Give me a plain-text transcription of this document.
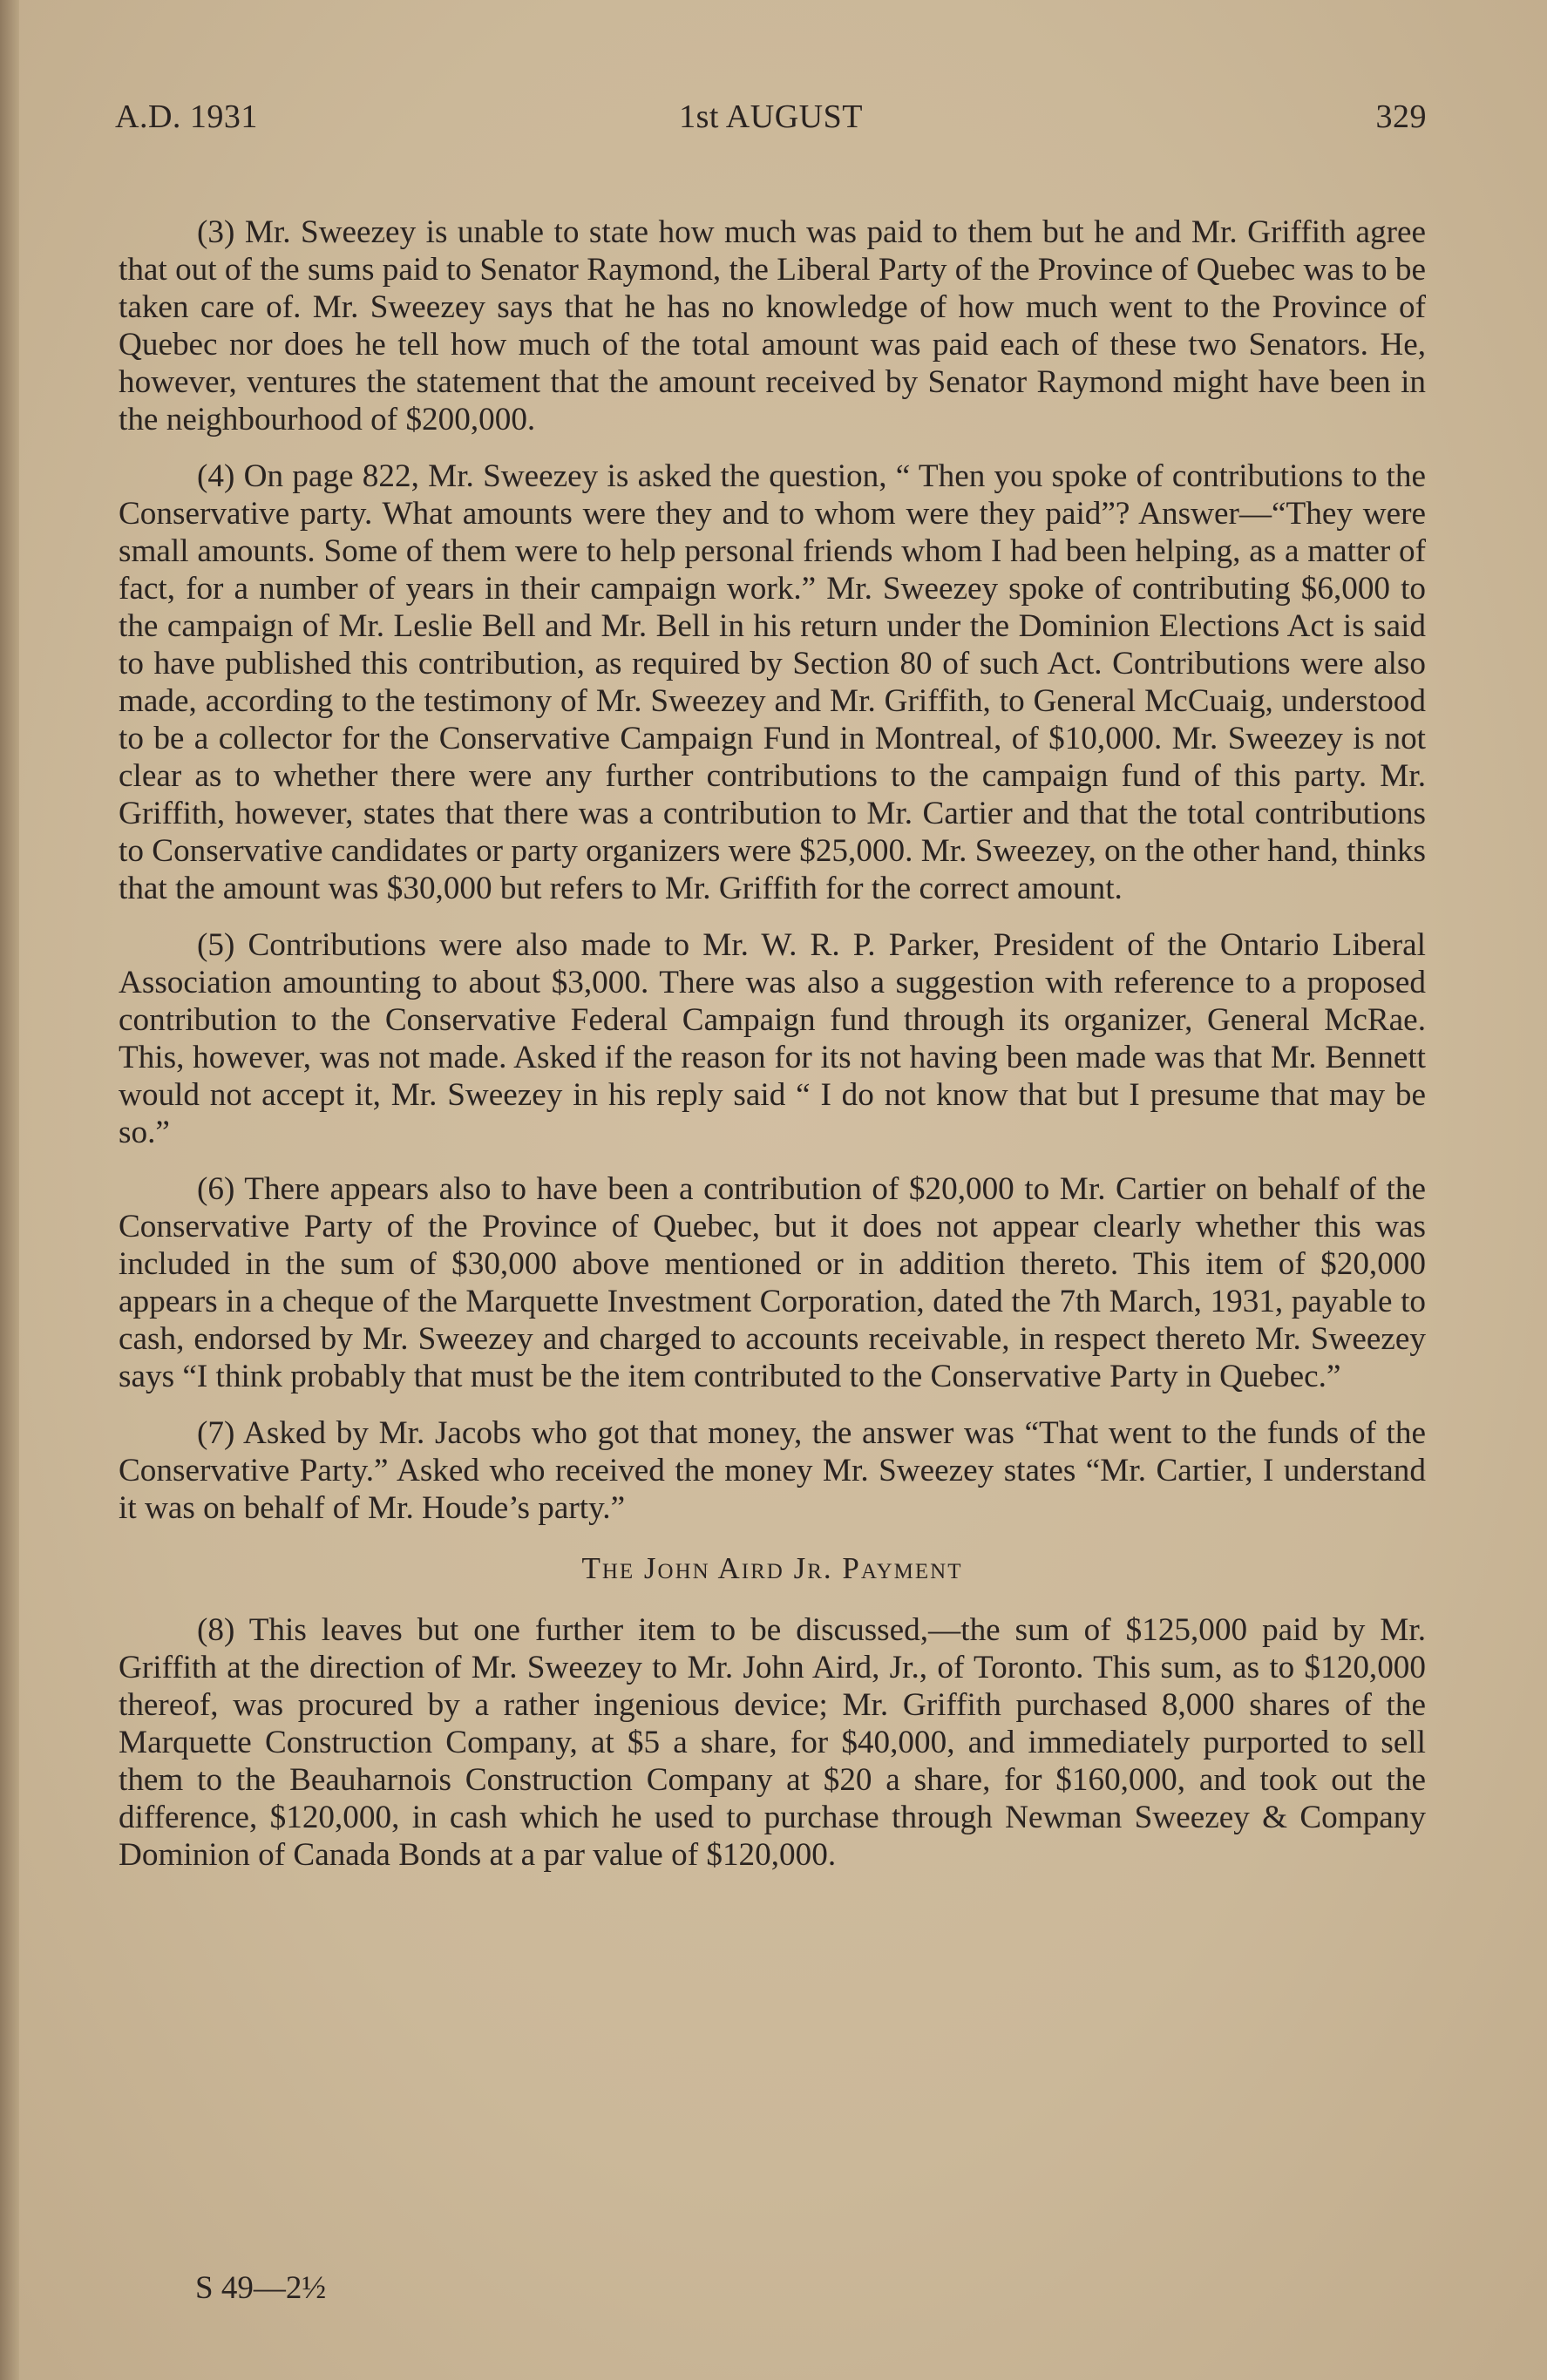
A.D. 1931	1st AUGUST	329

(3) Mr. Sweezey is unable to state how much was paid to them but he and Mr. Griffith agree that out of the sums paid to Senator Raymond, the Liberal Party of the Province of Quebec was to be taken care of. Mr. Sweezey says that he has no knowledge of how much went to the Province of Quebec nor does he tell how much of the total amount was paid each of these two Senators. He, however, ventures the statement that the amount received by Senator Raymond might have been in the neighbourhood of $200,000.

(4) On page 822, Mr. Sweezey is asked the question, “ Then you spoke of contributions to the Conservative party. What amounts were they and to whom were they paid”? Answer—“They were small amounts. Some of them were to help personal friends whom I had been helping, as a matter of fact, for a number of years in their campaign work.” Mr. Sweezey spoke of contributing $6,000 to the campaign of Mr. Leslie Bell and Mr. Bell in his return under the Dominion Elections Act is said to have published this contribution, as required by Section 80 of such Act. Contributions were also made, according to the testimony of Mr. Sweezey and Mr. Griffith, to General McCuaig, understood to be a collector for the Conservative Campaign Fund in Montreal, of $10,000. Mr. Sweezey is not clear as to whether there were any further contributions to the campaign fund of this party. Mr. Griffith, however, states that there was a contribution to Mr. Cartier and that the total contributions to Conservative candidates or party organizers were $25,000. Mr. Sweezey, on the other hand, thinks that the amount was $30,000 but refers to Mr. Griffith for the correct amount.

(5) Contributions were also made to Mr. W. R. P. Parker, President of the Ontario Liberal Association amounting to about $3,000. There was also a suggestion with reference to a proposed contribution to the Conservative Federal Campaign fund through its organizer, General McRae. This, however, was not made. Asked if the reason for its not having been made was that Mr. Bennett would not accept it, Mr. Sweezey in his reply said “ I do not know that but I presume that may be so.”

(6) There appears also to have been a contribution of $20,000 to Mr. Cartier on behalf of the Conservative Party of the Province of Quebec, but it does not appear clearly whether this was included in the sum of $30,000 above mentioned or in addition thereto. This item of $20,000 appears in a cheque of the Marquette Investment Corporation, dated the 7th March, 1931, payable to cash, endorsed by Mr. Sweezey and charged to accounts receivable, in respect thereto Mr. Sweezey says “I think probably that must be the item contributed to the Conservative Party in Quebec.”

(7) Asked by Mr. Jacobs who got that money, the answer was “That went to the funds of the Conservative Party.” Asked who received the money Mr. Sweezey states “Mr. Cartier, I understand it was on behalf of Mr. Houde’s party.”

The John Aird Jr. Payment

(8) This leaves but one further item to be discussed,—the sum of $125,000 paid by Mr. Griffith at the direction of Mr. Sweezey to Mr. John Aird, Jr., of Toronto. This sum, as to $120,000 thereof, was procured by a rather ingenious device; Mr. Griffith purchased 8,000 shares of the Marquette Construction Company, at $5 a share, for $40,000, and immediately purported to sell them to the Beauharnois Construction Company at $20 a share, for $160,000, and took out the difference, $120,000, in cash which he used to purchase through Newman Sweezey & Company Dominion of Canada Bonds at a par value of $120,000.

S 49—2½
